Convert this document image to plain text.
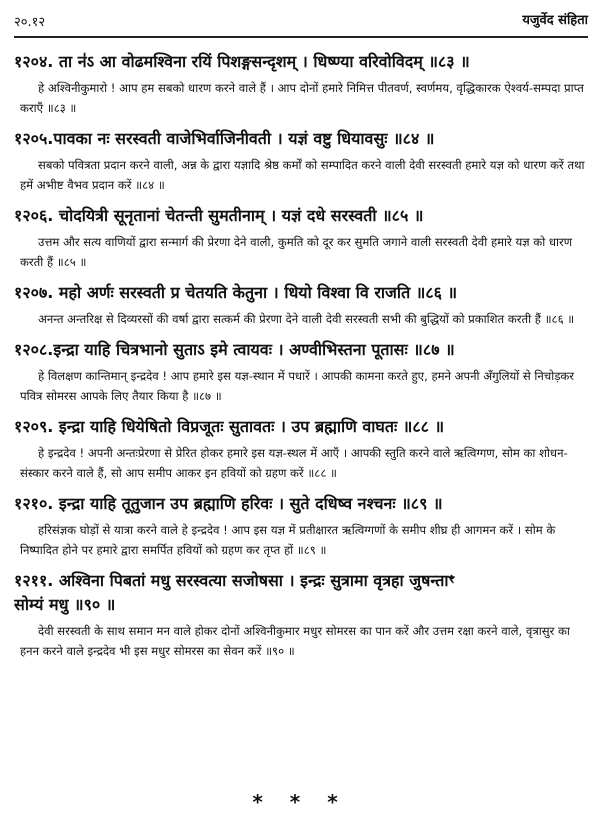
२०.१२	यजुर्वेद संहिता
१२०४. ता न॑ऽ आ वोढमश्विना रयिं पिशङ्गसन्दृशम् । धिष्ण्या वरिवोविदम् ॥८३ ॥
हे अश्विनीकुमारो ! आप हम सबको धारण करने वाले हैं । आप दोनों हमारे निमित्त पीतवर्ण, स्वर्णमय, वृद्धिकारक ऐश्वर्य-सम्पदा प्राप्त कराएँ ॥८३ ॥
१२०५.पावका नः सरस्वती वाजेभिर्वाजिनीवती । यज्ञं वष्टु धियावसुः ॥८४ ॥
सबको पवित्रता प्रदान करने वाली, अन्न के द्वारा यज्ञादि श्रेष्ठ कर्मों को सम्पादित करने वाली देवी सरस्वती हमारे यज्ञ को धारण करें तथा हमें अभीष्ट वैभव प्रदान करें ॥८४ ॥
१२०६. चोदयित्री सूनृतानां चेतन्ती सुमतीनाम् । यज्ञं दधे सरस्वती ॥८५ ॥
उत्तम और सत्य वाणियों द्वारा सन्मार्ग की प्रेरणा देने वाली, कुमति को दूर कर सुमति जगाने वाली सरस्वती देवी हमारे यज्ञ को धारण करती हैं ॥८५ ॥
१२०७. महो अर्णः सरस्वती प्र चेतयति केतुना । धियो विश्वा वि राजति ॥८६ ॥
अनन्त अन्तरिक्ष से दिव्यरसों की वर्षा द्वारा सत्कर्म की प्रेरणा देने वाली देवी सरस्वती सभी की बुद्धियों को प्रकाशित करती हैं ॥८६ ॥
१२०८.इन्द्रा याहि चित्रभानो सुताऽ इमे त्वायवः । अण्वीभिस्तना पूतासः ॥८७ ॥
हे विलक्षण कान्तिमान् इन्द्रदेव ! आप हमारे इस यज्ञ-स्थान में पधारें । आपकी कामना करते हुए, हमने अपनी अँगुलियों से निचोड़कर पवित्र सोमरस आपके लिए तैयार किया है ॥८७ ॥
१२०९. इन्द्रा याहि धियेषितो विप्रजूतः सुतावतः । उप ब्रह्माणि वाघतः ॥८८ ॥
हे इन्द्रदेव ! अपनी अन्तःप्रेरणा से प्रेरित होकर हमारे इस यज्ञ-स्थल में आएँ । आपकी स्तुति करने वाले ऋत्विग्गण, सोम का शोधन-संस्कार करने वाले हैं, सो आप समीप आकर इन हवियों को ग्रहण करें ॥८८ ॥
१२१०. इन्द्रा याहि तूतुजान उप ब्रह्माणि हरिवः । सुते दधिष्व नश्चनः ॥८९ ॥
हरिसंज्ञक घोड़ों से यात्रा करने वाले हे इन्द्रदेव ! आप इस यज्ञ में प्रतीक्षारत ऋत्विग्गणों के समीप शीघ्र ही आगमन करें । सोम के निष्पादित होने पर हमारे द्वारा समर्पित हवियों को ग्रहण कर तृप्त हों ॥८९ ॥
१२११. अश्विना पिबतां मधु सरस्वत्या सजोषसा । इन्द्रः सुत्रामा वृत्रहा जुषन्ताꣳ
सोम्यं मधु ॥९० ॥
देवी सरस्वती के साथ समान मन वाले होकर दोनों अश्विनीकुमार मधुर सोमरस का पान करें और उत्तम रक्षा करने वाले, वृत्रासुर का हनन करने वाले इन्द्रदेव भी इस मधुर सोमरस का सेवन करें ॥९० ॥
* * *
